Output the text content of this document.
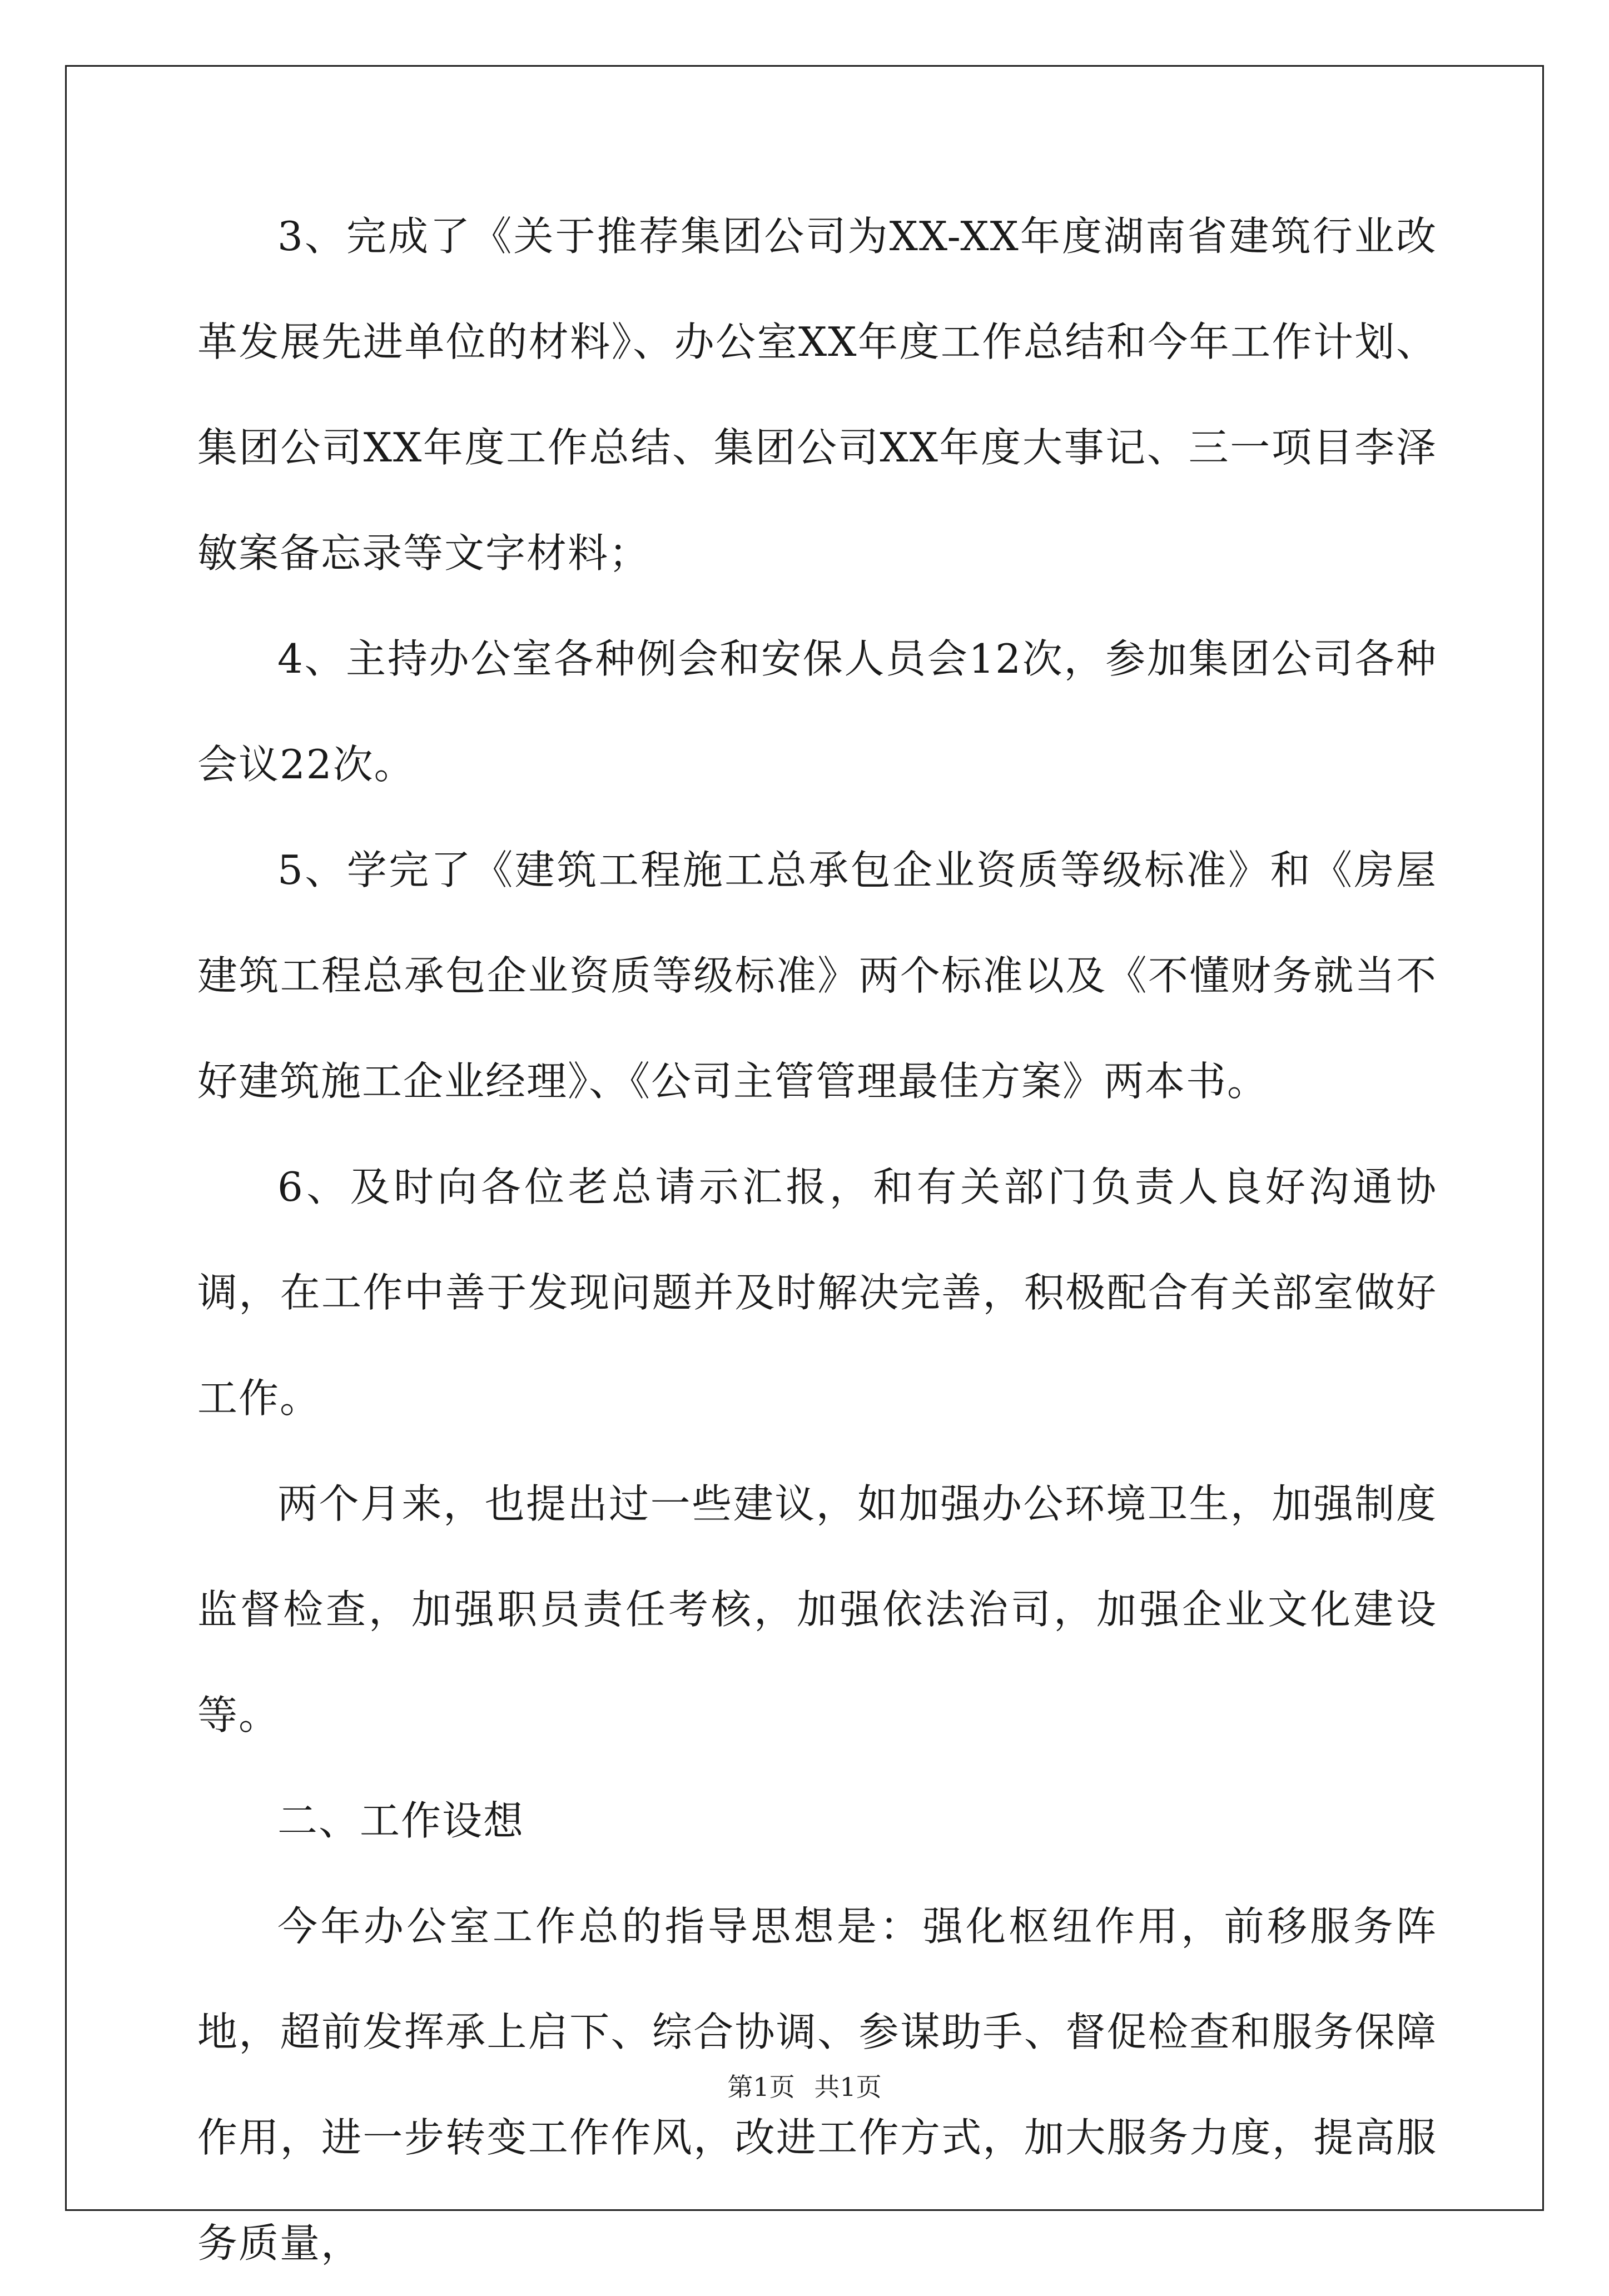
3、完成了《关于推荐集团公司为XX-XX年度湖南省建筑行业改革发展先进单位的材料》、办公室XX年度工作总结和今年工作计划、集团公司XX年度工作总结、集团公司XX年度大事记、三一项目李泽敏案备忘录等文字材料；

4、主持办公室各种例会和安保人员会12次，参加集团公司各种会议22次。

5、学完了《建筑工程施工总承包企业资质等级标准》和《房屋建筑工程总承包企业资质等级标准》两个标准以及《不懂财务就当不好建筑施工企业经理》、《公司主管管理最佳方案》两本书。

6、及时向各位老总请示汇报，和有关部门负责人良好沟通协调，在工作中善于发现问题并及时解决完善，积极配合有关部室做好工作。

两个月来，也提出过一些建议，如加强办公环境卫生，加强制度监督检查，加强职员责任考核，加强依法治司，加强企业文化建设等。

二、工作设想

今年办公室工作总的指导思想是：强化枢纽作用，前移服务阵地，超前发挥承上启下、综合协调、参谋助手、督促检查和服务保障作用，进一步转变工作作风，改进工作方式，加大服务力度，提高服务质量，

第1页 共1页
